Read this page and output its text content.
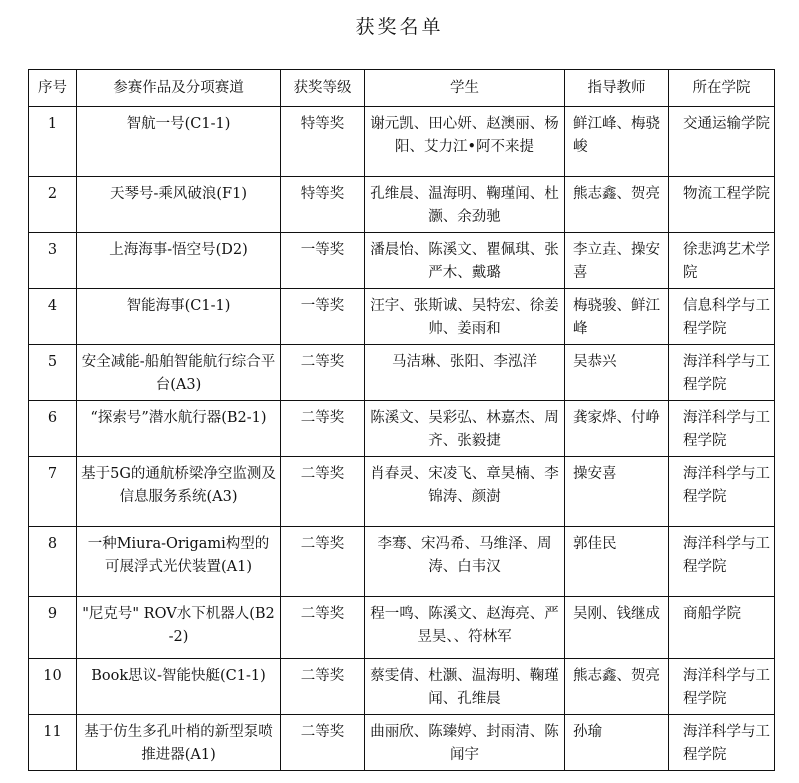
获奖名单
序号	参赛作品及分项赛道	获奖等级	学生	指导教师	所在学院
1	智航一号(C1-1)	特等奖	谢元凯、田心妍、赵澳丽、杨阳、艾力江•阿不来提	鲜江峰、梅骁峻	交通运输学院
2	天琴号-乘风破浪(F1)	特等奖	孔维晨、温海明、鞠瑾闻、杜灏、余劲驰	熊志鑫、贺亮	物流工程学院
3	上海海事-悟空号(D2)	一等奖	潘晨怡、陈溪文、瞿佩琪、张严木、戴璐	李立垚、操安喜	徐悲鸿艺术学院
4	智能海事(C1-1)	一等奖	汪宇、张斯诚、吴特宏、徐姜帅、姜雨和	梅骁骏、鲜江峰	信息科学与工程学院
5	安全减能-船舶智能航行综合平台(A3)	二等奖	马洁琳、张阳、李泓洋	吴恭兴	海洋科学与工程学院
6	“探索号”潜水航行器(B2-1)	二等奖	陈溪文、吴彩弘、林嘉杰、周齐、张毅捷	龚家烨、付峥	海洋科学与工程学院
7	基于5G的通航桥梁净空监测及信息服务系统(A3)	二等奖	肖春灵、宋凌飞、章昊楠、李锦涛、颜澍	操安喜	海洋科学与工程学院
8	一种Miura-Origami构型的可展浮式光伏装置(A1)	二等奖	李骞、宋冯希、马维泽、周涛、白韦汉	郭佳民	海洋科学与工程学院
9	"尼克号" ROV水下机器人(B2-2)	二等奖	程一鸣、陈溪文、赵海亮、严昱昊、、符林军	吴刚、钱继成	商船学院
10	Book思议-智能快艇(C1-1)	二等奖	蔡雯倩、杜灏、温海明、鞠瑾闻、孔维晨	熊志鑫、贺亮	海洋科学与工程学院
11	基于仿生多孔叶梢的新型泵喷推进器(A1)	二等奖	曲丽欣、陈臻婷、封雨清、陈闻宇	孙瑜	海洋科学与工程学院
